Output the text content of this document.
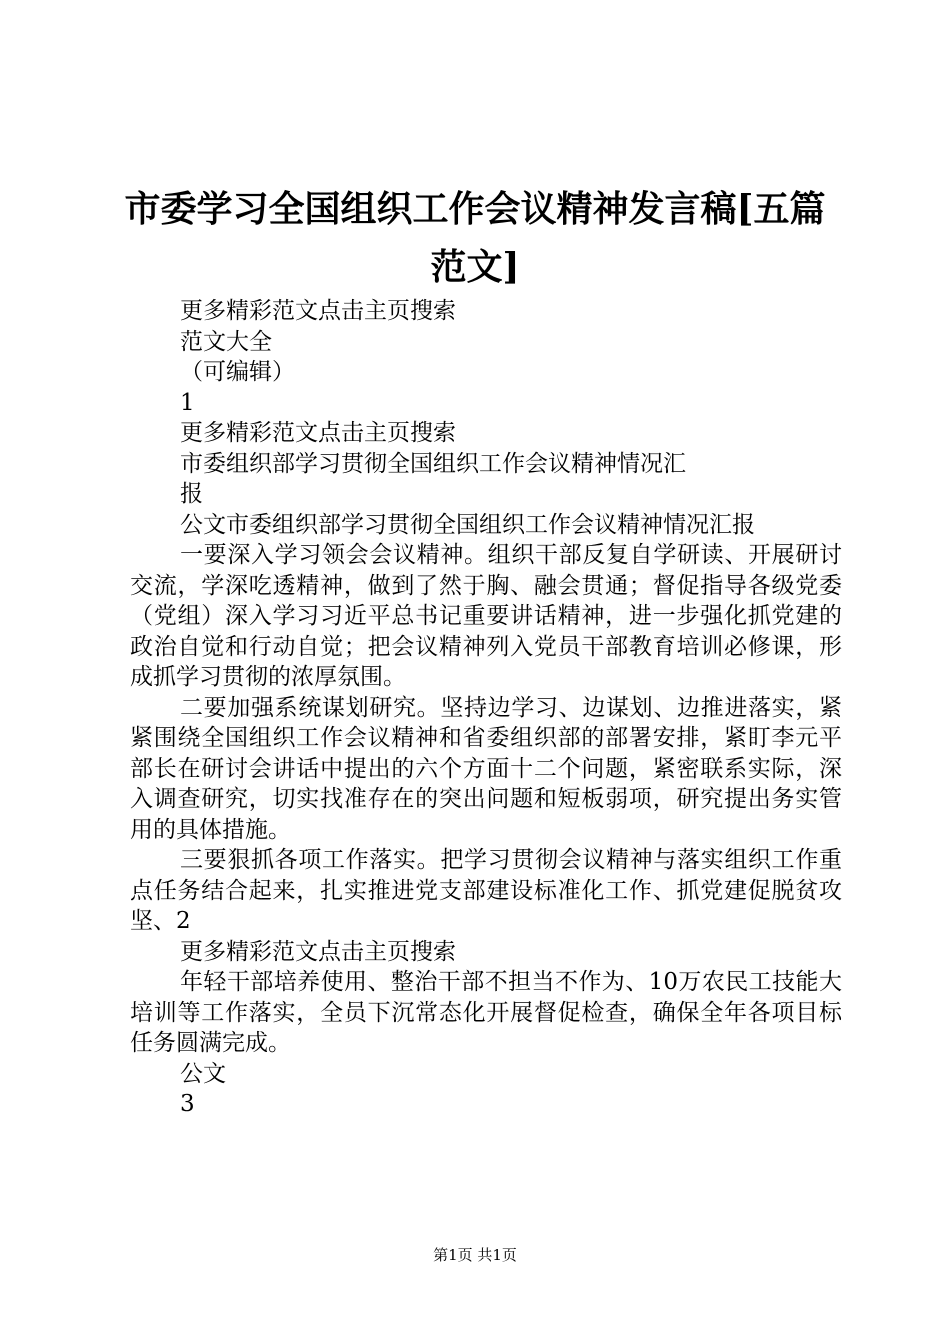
市委学习全国组织工作会议精神发言稿[五篇
范文]

更多精彩范文点击主页搜索

范文大全

（可编辑）

1

更多精彩范文点击主页搜索

市委组织部学习贯彻全国组织工作会议精神情况汇

报

公文市委组织部学习贯彻全国组织工作会议精神情况汇报

一要深入学习领会会议精神。组织干部反复自学研读、开展研讨交流，学深吃透精神，做到了然于胸、融会贯通；督促指导各级党委（党组）深入学习习近平总书记重要讲话精神，进一步强化抓党建的政治自觉和行动自觉；把会议精神列入党员干部教育培训必修课，形成抓学习贯彻的浓厚氛围。

二要加强系统谋划研究。坚持边学习、边谋划、边推进落实，紧紧围绕全国组织工作会议精神和省委组织部的部署安排，紧盯李元平部长在研讨会讲话中提出的六个方面十二个问题，紧密联系实际，深入调查研究，切实找准存在的突出问题和短板弱项，研究提出务实管用的具体措施。

三要狠抓各项工作落实。把学习贯彻会议精神与落实组织工作重点任务结合起来，扎实推进党支部建设标准化工作、抓党建促脱贫攻坚、2

更多精彩范文点击主页搜索

年轻干部培养使用、整治干部不担当不作为、10万农民工技能大培训等工作落实，全员下沉常态化开展督促检查，确保全年各项目标任务圆满完成。

公文

3

第1页 共1页
